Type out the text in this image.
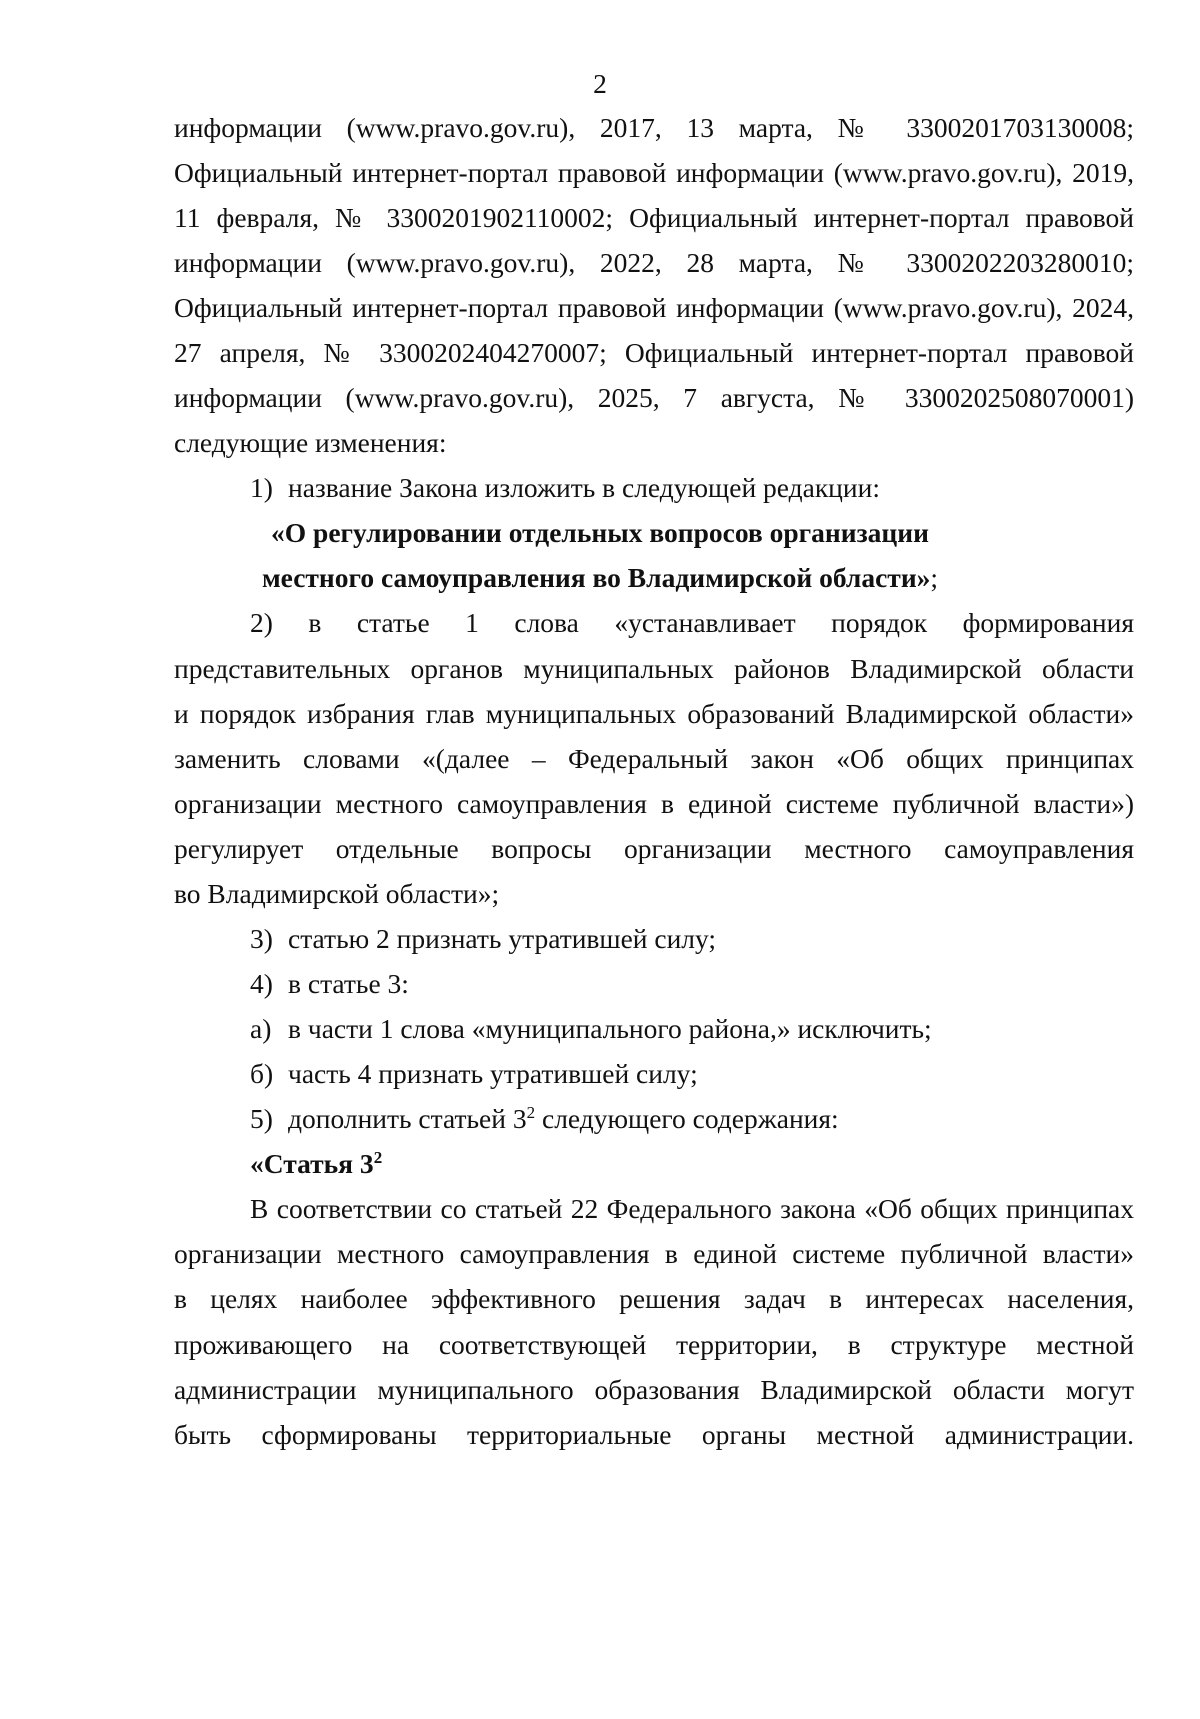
2
информации (www.pravo.gov.ru), 2017, 13 марта, № 3300201703130008;
Официальный интернет-портал правовой информации (www.pravo.gov.ru), 2019,
11 февраля, № 3300201902110002; Официальный интернет-портал правовой
информации (www.pravo.gov.ru), 2022, 28 марта, № 3300202203280010;
Официальный интернет-портал правовой информации (www.pravo.gov.ru), 2024,
27 апреля, № 3300202404270007; Официальный интернет-портал правовой
информации (www.pravo.gov.ru), 2025, 7 августа, № 3300202508070001)
следующие изменения:
1) название Закона изложить в следующей редакции:
«О регулировании отдельных вопросов организации
местного самоуправления во Владимирской области»;
2) в статье 1 слова «устанавливает порядок формирования
представительных органов муниципальных районов Владимирской области
и порядок избрания глав муниципальных образований Владимирской области»
заменить словами «(далее – Федеральный закон «Об общих принципах
организации местного самоуправления в единой системе публичной власти»)
регулирует отдельные вопросы организации местного самоуправления
во Владимирской области»;
3) статью 2 признать утратившей силу;
4) в статье 3:
а) в части 1 слова «муниципального района,» исключить;
б) часть 4 признать утратившей силу;
5) дополнить статьей $3^2$ следующего содержания:
«Статья $3^2$
В соответствии со статьей 22 Федерального закона «Об общих принципах
организации местного самоуправления в единой системе публичной власти»
в целях наиболее эффективного решения задач в интересах населения,
проживающего на соответствующей территории, в структуре местной
администрации муниципального образования Владимирской области могут
быть сформированы территориальные органы местной администрации.
